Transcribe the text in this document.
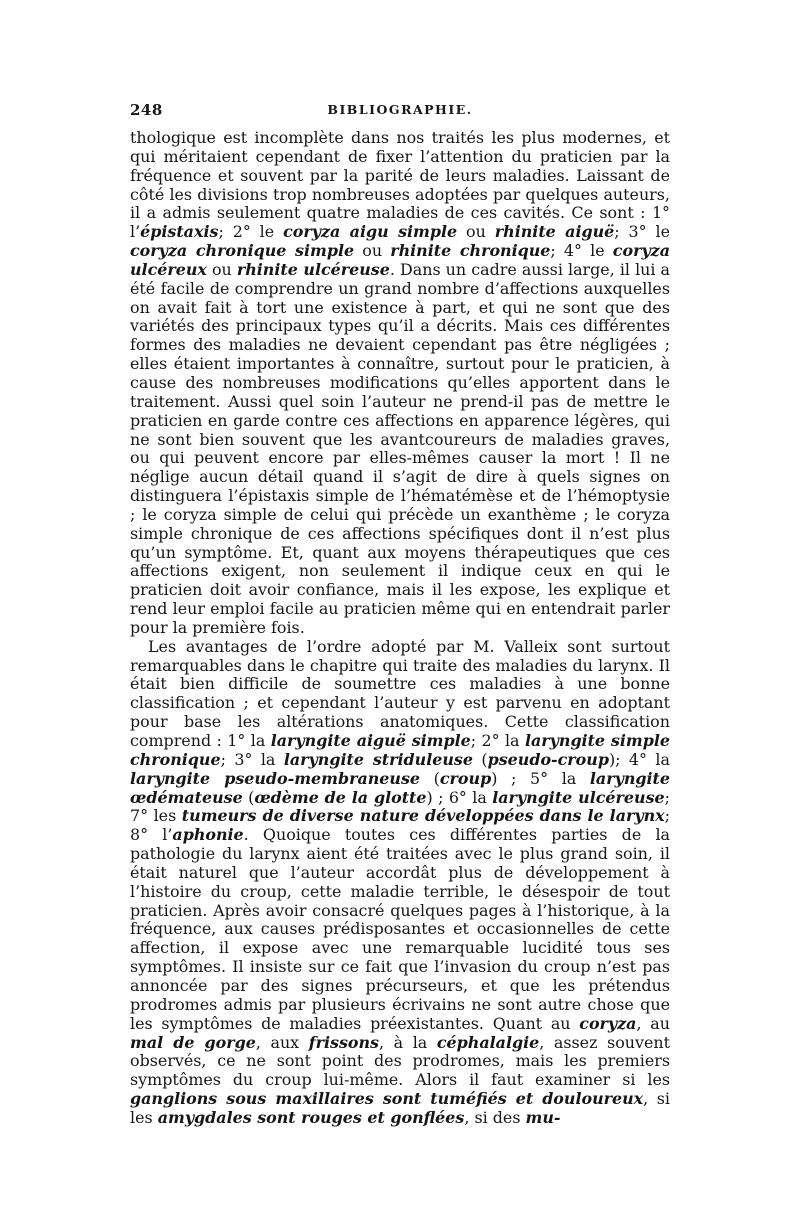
248	BIBLIOGRAPHIE.

thologique est incomplète dans nos traités les plus modernes, et qui méritaient cependant de fixer l’attention du praticien par la fréquence et souvent par la parité de leurs maladies. Laissant de côté les divisions trop nombreuses adoptées par quelques auteurs, il a admis seulement quatre maladies de ces cavités. Ce sont : 1° l’épistaxis; 2° le coryza aigu simple ou rhinite aiguë; 3° le coryza chronique simple ou rhinite chronique; 4° le coryza ulcéreux ou rhinite ulcéreuse. Dans un cadre aussi large, il lui a été facile de comprendre un grand nombre d’affections auxquelles on avait fait à tort une existence à part, et qui ne sont que des variétés des principaux types qu’il a décrits. Mais ces différentes formes des maladies ne devaient cependant pas être négligées ; elles étaient importantes à connaître, surtout pour le praticien, à cause des nombreuses modifications qu’elles apportent dans le traitement. Aussi quel soin l’auteur ne prend-il pas de mettre le praticien en garde contre ces affections en apparence légères, qui ne sont bien souvent que les avantcoureurs de maladies graves, ou qui peuvent encore par elles-mêmes causer la mort ! Il ne néglige aucun détail quand il s’agit de dire à quels signes on distinguera l’épistaxis simple de l’hématémèse et de l’hémoptysie ; le coryza simple de celui qui précède un exanthème ; le coryza simple chronique de ces affections spécifiques dont il n’est plus qu’un symptôme. Et, quant aux moyens thérapeutiques que ces affections exigent, non seulement il indique ceux en qui le praticien doit avoir confiance, mais il les expose, les explique et rend leur emploi facile au praticien même qui en entendrait parler pour la première fois.

Les avantages de l’ordre adopté par M. Valleix sont surtout remarquables dans le chapitre qui traite des maladies du larynx. Il était bien difficile de soumettre ces maladies à une bonne classification ; et cependant l’auteur y est parvenu en adoptant pour base les altérations anatomiques. Cette classification comprend : 1° la laryngite aiguë simple; 2° la laryngite simple chronique; 3° la laryngite striduleuse (pseudo-croup); 4° la laryngite pseudo-membraneuse (croup) ; 5° la laryngite œdémateuse (œdème de la glotte) ; 6° la laryngite ulcéreuse; 7° les tumeurs de diverse nature développées dans le larynx; 8° l’aphonie. Quoique toutes ces différentes parties de la pathologie du larynx aient été traitées avec le plus grand soin, il était naturel que l’auteur accordât plus de développement à l’histoire du croup, cette maladie terrible, le désespoir de tout praticien. Après avoir consacré quelques pages à l’historique, à la fréquence, aux causes prédisposantes et occasionnelles de cette affection, il expose avec une remarquable lucidité tous ses symptômes. Il insiste sur ce fait que l’invasion du croup n’est pas annoncée par des signes précurseurs, et que les prétendus prodromes admis par plusieurs écrivains ne sont autre chose que les symptômes de maladies préexistantes. Quant au coryza, au mal de gorge, aux frissons, à la céphalalgie, assez souvent observés, ce ne sont point des prodromes, mais les premiers symptômes du croup lui-même. Alors il faut examiner si les ganglions sous maxillaires sont tuméfiés et douloureux, si les amygdales sont rouges et gonflées, si des mu-
